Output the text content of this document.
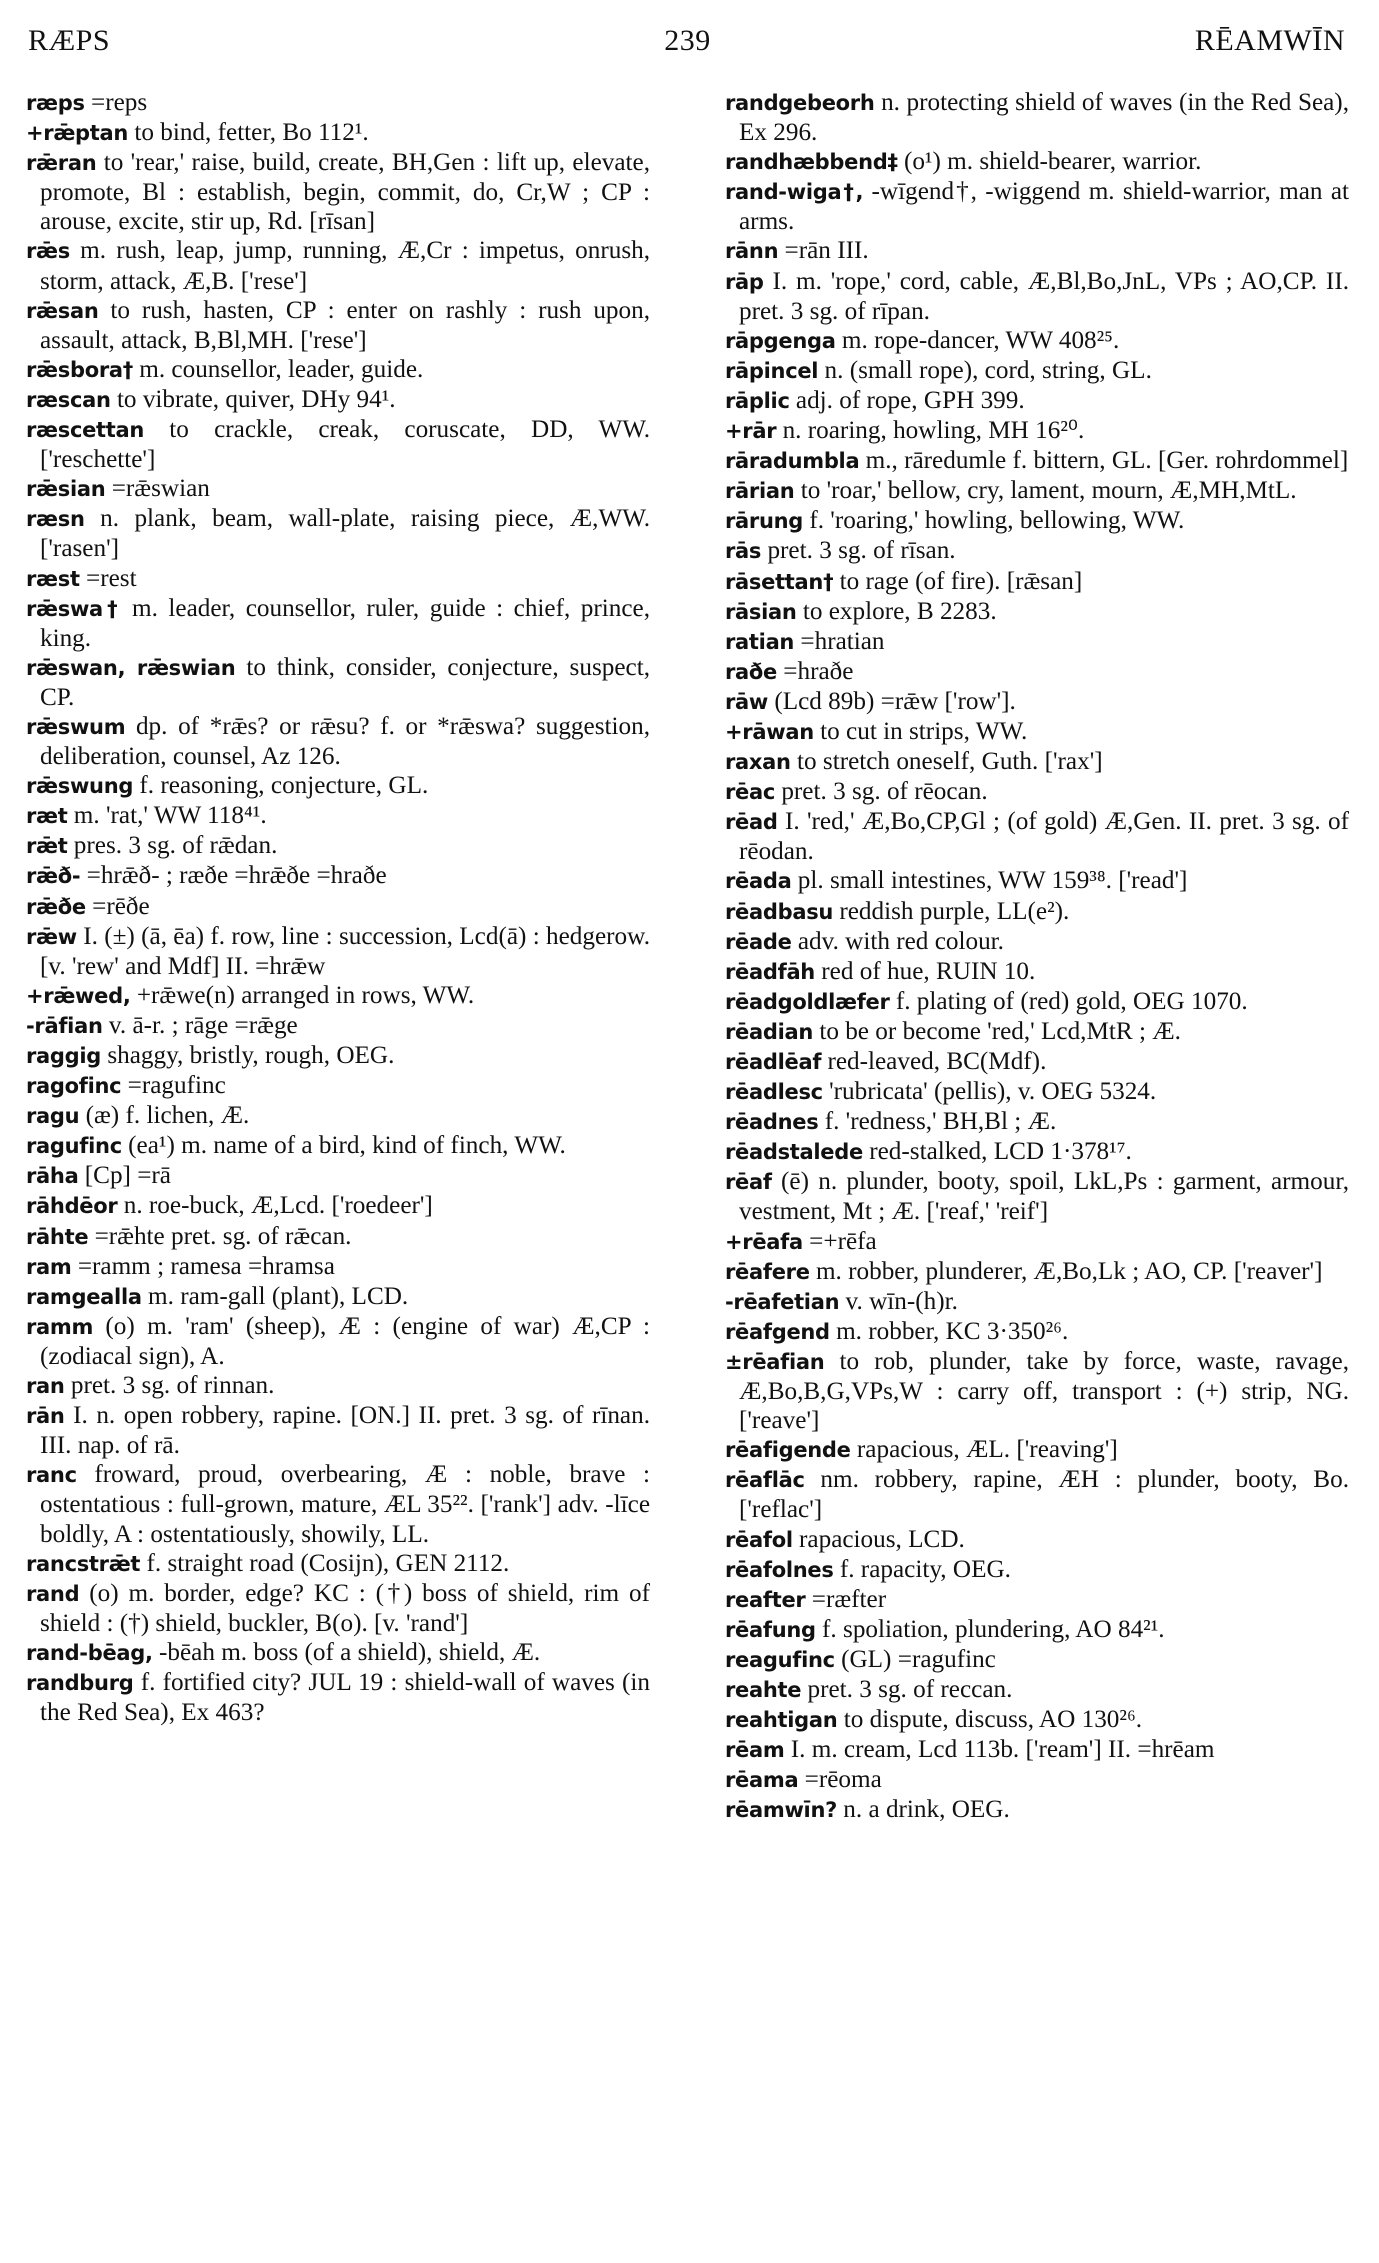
RÆPS	239	RĒAMWĪN
ræps =reps
+rǣptan to bind, fetter, Bo 112¹.
rǣran to 'rear,' raise, build, create, BH,Gen : lift up, elevate, promote, Bl : establish, begin, commit, do, Cr,W ; CP : arouse, excite, stir up, Rd. [rīsan]
rǣs m. rush, leap, jump, running, Æ,Cr : impetus, onrush, storm, attack, Æ,B. ['rese']
rǣsan to rush, hasten, CP : enter on rashly : rush upon, assault, attack, B,Bl,MH. ['rese']
rǣsbora† m. counsellor, leader, guide.
ræscan to vibrate, quiver, DHy 94¹.
ræscettan to crackle, creak, coruscate, DD, WW. ['reschette']
rǣsian =rǣswian
ræsn n. plank, beam, wall-plate, raising piece, Æ,WW. ['rasen']
ræst =rest
rǣswa† m. leader, counsellor, ruler, guide : chief, prince, king.
rǣswan, rǣswian to think, consider, conjecture, suspect, CP.
rǣswum dp. of *rǣs? or rǣsu? f. or *rǣswa? suggestion, deliberation, counsel, Az 126.
rǣswung f. reasoning, conjecture, GL.
ræt m. 'rat,' WW 118⁴¹.
rǣt pres. 3 sg. of rǣdan.
rǣð- =hrǣð- ; ræðe =hrǣðe =hraðe
rǣðe =rēðe
rǣw I. (±) (ā, ēa) f. row, line : succession, Lcd(ā) : hedgerow. [v. 'rew' and Mdf] II. =hrǣw
+rǣwed, +rǣwe(n) arranged in rows, WW.
-rāfian v. ā-r. ; rāge =rǣge
raggig shaggy, bristly, rough, OEG.
ragofinc =ragufinc
ragu (æ) f. lichen, Æ.
ragufinc (ea¹) m. name of a bird, kind of finch, WW.
rāha [Cp] =rā
rāhdēor n. roe-buck, Æ,Lcd. ['roedeer']
rāhte =rǣhte pret. sg. of rǣcan.
ram =ramm ; ramesa =hramsa
ramgealla m. ram-gall (plant), LCD.
ramm (o) m. 'ram' (sheep), Æ : (engine of war) Æ,CP : (zodiacal sign), A.
ran pret. 3 sg. of rinnan.
rān I. n. open robbery, rapine. [ON.] II. pret. 3 sg. of rīnan. III. nap. of rā.
ranc froward, proud, overbearing, Æ : noble, brave : ostentatious : full-grown, mature, ÆL 35²². ['rank'] adv. -līce boldly, A : ostentatiously, showily, LL.
rancstrǣt f. straight road (Cosijn), GEN 2112.
rand (o) m. border, edge? KC : (†) boss of shield, rim of shield : (†) shield, buckler, B(o). [v. 'rand']
rand-bēag, -bēah m. boss (of a shield), shield, Æ.
randburg f. fortified city? JUL 19 : shield-wall of waves (in the Red Sea), Ex 463?
randgebeorh n. protecting shield of waves (in the Red Sea), Ex 296.
randhæbbend‡ (o¹) m. shield-bearer, warrior.
rand-wiga†, -wīgend†, -wiggend m. shield-warrior, man at arms.
rānn =rān III.
rāp I. m. 'rope,' cord, cable, Æ,Bl,Bo,JnL, VPs ; AO,CP. II. pret. 3 sg. of rīpan.
rāpgenga m. rope-dancer, WW 408²⁵.
rāpincel n. (small rope), cord, string, GL.
rāplic adj. of rope, GPH 399.
+rār n. roaring, howling, MH 16²⁰.
rāradumbla m., rāredumle f. bittern, GL. [Ger. rohrdommel]
rārian to 'roar,' bellow, cry, lament, mourn, Æ,MH,MtL.
rārung f. 'roaring,' howling, bellowing, WW.
rās pret. 3 sg. of rīsan.
rāsettan† to rage (of fire). [rǣsan]
rāsian to explore, B 2283.
ratian =hratian
raðe =hraðe
rāw (Lcd 89b) =rǣw ['row'].
+rāwan to cut in strips, WW.
raxan to stretch oneself, Guth. ['rax']
rēac pret. 3 sg. of rēocan.
rēad I. 'red,' Æ,Bo,CP,Gl ; (of gold) Æ,Gen. II. pret. 3 sg. of rēodan.
rēada pl. small intestines, WW 159³⁸. ['read']
rēadbasu reddish purple, LL(e²).
rēade adv. with red colour.
rēadfāh red of hue, RUIN 10.
rēadgoldlæfer f. plating of (red) gold, OEG 1070.
rēadian to be or become 'red,' Lcd,MtR ; Æ.
rēadlēaf red-leaved, BC(Mdf).
rēadlesc 'rubricata' (pellis), v. OEG 5324.
rēadnes f. 'redness,' BH,Bl ; Æ.
rēadstalede red-stalked, LCD 1·378¹⁷.
rēaf (ē) n. plunder, booty, spoil, LkL,Ps : garment, armour, vestment, Mt ; Æ. ['reaf,' 'reif']
+rēafa =+rēfa
rēafere m. robber, plunderer, Æ,Bo,Lk ; AO, CP. ['reaver']
-rēafetian v. wīn-(h)r.
rēafgend m. robber, KC 3·350²⁶.
±rēafian to rob, plunder, take by force, waste, ravage, Æ,Bo,B,G,VPs,W : carry off, transport : (+) strip, NG. ['reave']
rēafigende rapacious, ÆL. ['reaving']
rēaflāc nm. robbery, rapine, ÆH : plunder, booty, Bo. ['reflac']
rēafol rapacious, LCD.
rēafolnes f. rapacity, OEG.
reafter =ræfter
rēafung f. spoliation, plundering, AO 84²¹.
reagufinc (GL) =ragufinc
reahte pret. 3 sg. of reccan.
reahtigan to dispute, discuss, AO 130²⁶.
rēam I. m. cream, Lcd 113b. ['ream'] II. =hrēam
rēama =rēoma
rēamwīn? n. a drink, OEG.
